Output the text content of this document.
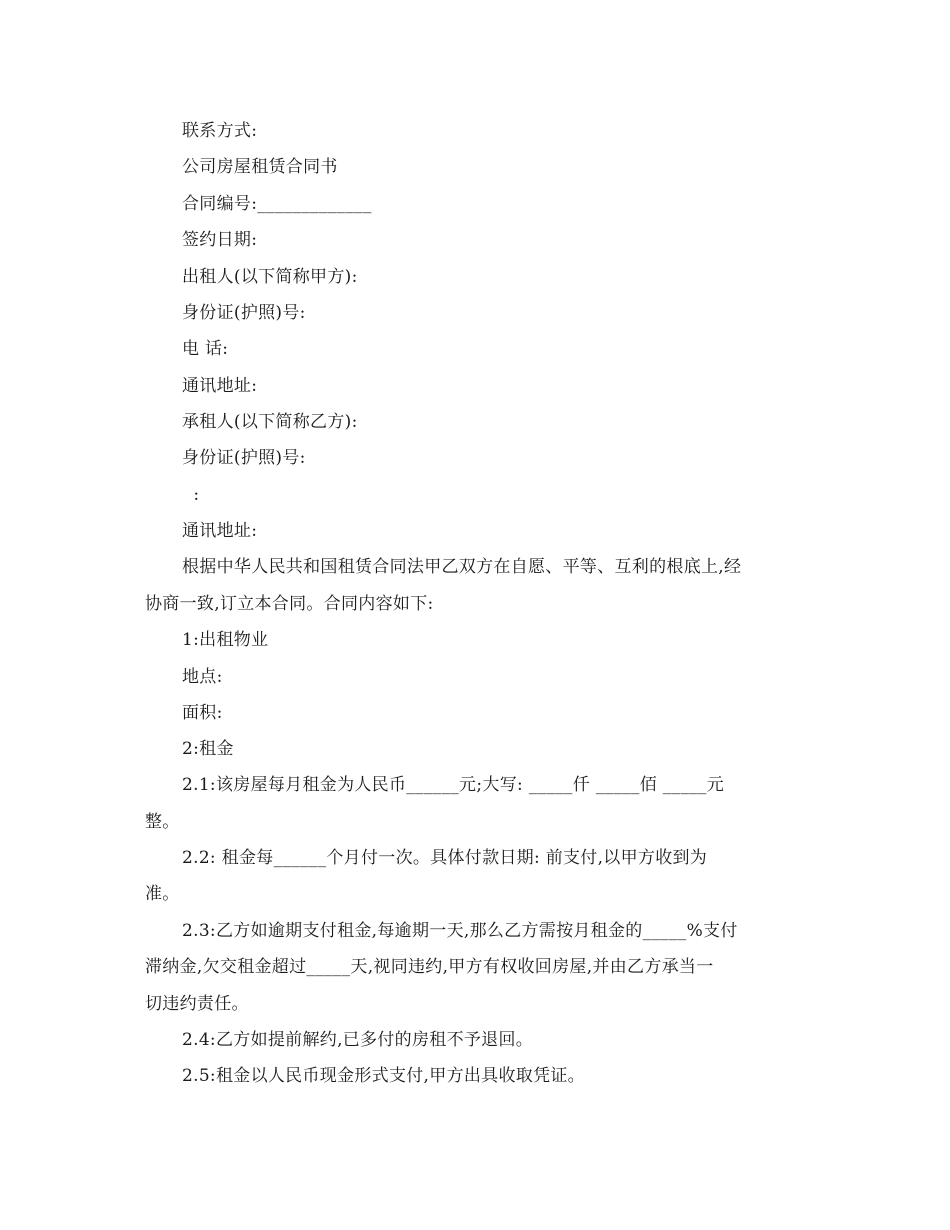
联系方式:
公司房屋租赁合同书
合同编号:_____________
签约日期:
出租人(以下简称甲方):
身份证(护照)号:
电 话:
通讯地址:
承租人(以下简称乙方):
身份证(护照)号:
:
通讯地址:
根据中华人民共和国租赁合同法甲乙双方在自愿、平等、互利的根底上,经
协商一致,订立本合同。合同内容如下:
1:出租物业
地点:
面积:
2:租金
2.1:该房屋每月租金为人民币______元;大写: _____仟 _____佰 _____元
整。
2.2: 租金每______个月付一次。具体付款日期: 前支付,以甲方收到为
准。
2.3:乙方如逾期支付租金,每逾期一天,那么乙方需按月租金的_____%支付
滞纳金,欠交租金超过_____天,视同违约,甲方有权收回房屋,并由乙方承当一
切违约责任。
2.4:乙方如提前解约,已多付的房租不予退回。
2.5:租金以人民币现金形式支付,甲方出具收取凭证。
